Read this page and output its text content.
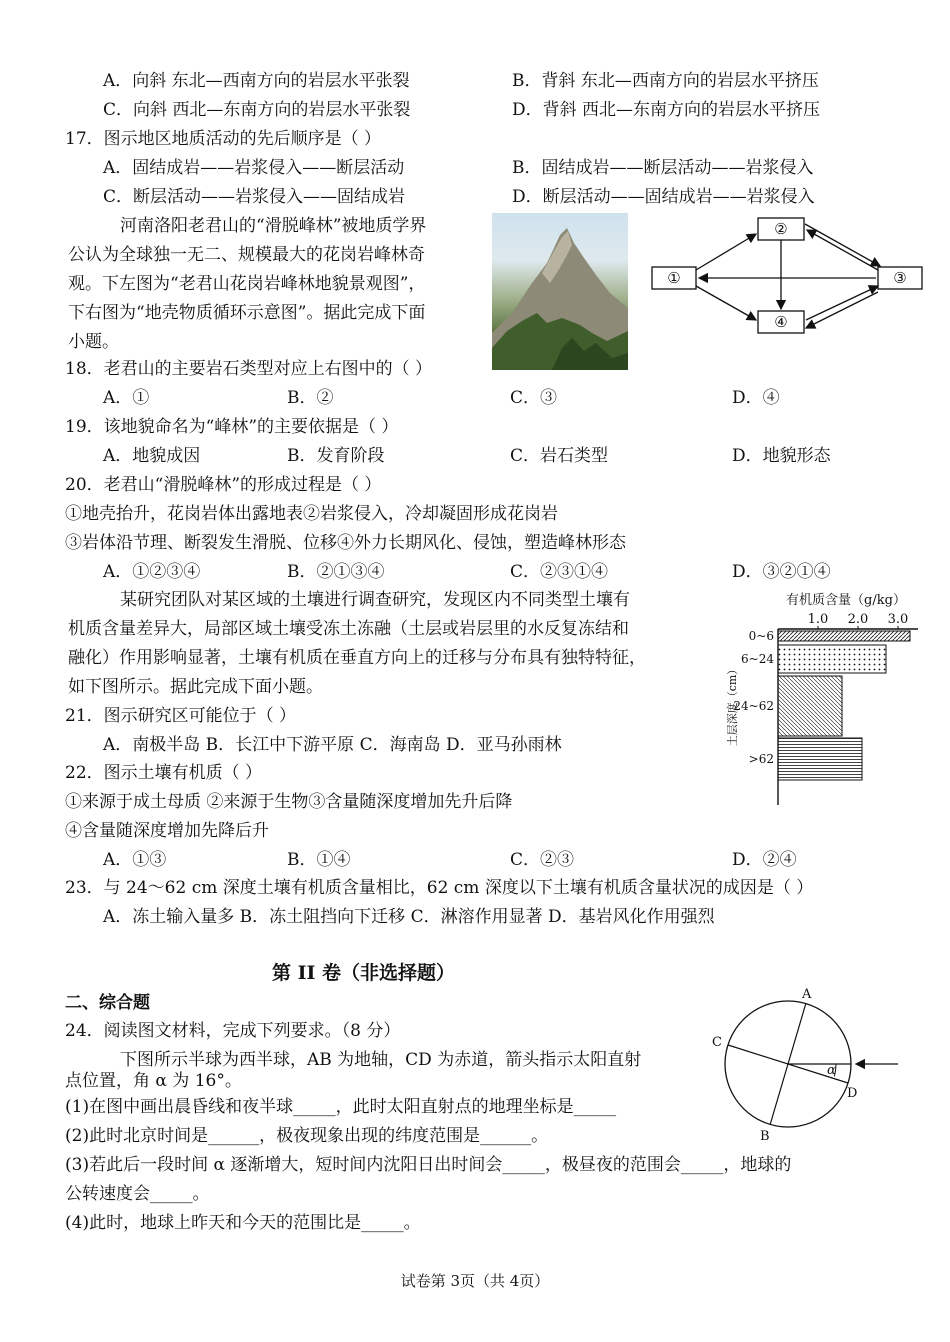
A．向斜 东北—西南方向的岩层水平张裂	B．背斜 东北—西南方向的岩层水平挤压
C．向斜 西北—东南方向的岩层水平张裂	D．背斜 西北—东南方向的岩层水平挤压
17．图示地区地质活动的先后顺序是（ ）
A．固结成岩——岩浆侵入——断层活动	B．固结成岩——断层活动——岩浆侵入
C．断层活动——岩浆侵入——固结成岩	D．断层活动——固结成岩——岩浆侵入
河南洛阳老君山的“滑脱峰林”被地质学界
公认为全球独一无二、规模最大的花岗岩峰林奇
观。下左图为“老君山花岗岩峰林地貌景观图”，
下右图为“地壳物质循环示意图”。据此完成下面
小题。
①
②
③
④
18．老君山的主要岩石类型对应上右图中的（ ）
A．①	B．②	C．③	D．④
19．该地貌命名为“峰林”的主要依据是（ ）
A．地貌成因	B．发育阶段	C．岩石类型	D．地貌形态
20．老君山“滑脱峰林”的形成过程是（ ）
①地壳抬升，花岗岩体出露地表②岩浆侵入，冷却凝固形成花岗岩
③岩体沿节理、断裂发生滑脱、位移④外力长期风化、侵蚀，塑造峰林形态
A．①②③④	B．②①③④	C．②③①④	D．③②①④
某研究团队对某区域的土壤进行调查研究，发现区内不同类型土壤有
机质含量差异大，局部区域土壤受冻土冻融（土层或岩层里的水反复冻结和
融化）作用影响显著，土壤有机质在垂直方向上的迁移与分布具有独特特征，
如下图所示。据此完成下面小题。
有机质含量（g/kg）
1.0 2.0 3.0
0~6
6~24
24~62
>62
土层深度（cm）
21．图示研究区可能位于（ ）
A．南极半岛 B．长江中下游平原 C．海南岛 D．亚马孙雨林
22．图示土壤有机质（ ）
①来源于成土母质 ②来源于生物③含量随深度增加先升后降
④含量随深度增加先降后升
A．①③	B．①④	C．②③	D．②④
23．与 24～62 cm 深度土壤有机质含量相比，62 cm 深度以下土壤有机质含量状况的成因是（ ）
A．冻土输入量多 B．冻土阻挡向下迁移 C．淋溶作用显著 D．基岩风化作用强烈
第 II 卷（非选择题）
二、综合题
24．阅读图文材料，完成下列要求。（8 分）
下图所示半球为西半球，AB 为地轴，CD 为赤道，箭头指示太阳直射
点位置，角 α 为 16°。
(1)在图中画出晨昏线和夜半球_____，此时太阳直射点的地理坐标是_____
(2)此时北京时间是______，极夜现象出现的纬度范围是______。
(3)若此后一段时间 α 逐渐增大，短时间内沈阳日出时间会_____，极昼夜的范围会_____，地球的
公转速度会_____。
(4)此时，地球上昨天和今天的范围比是_____。
A
B
C
D
α
试卷第 3页（共 4页）
